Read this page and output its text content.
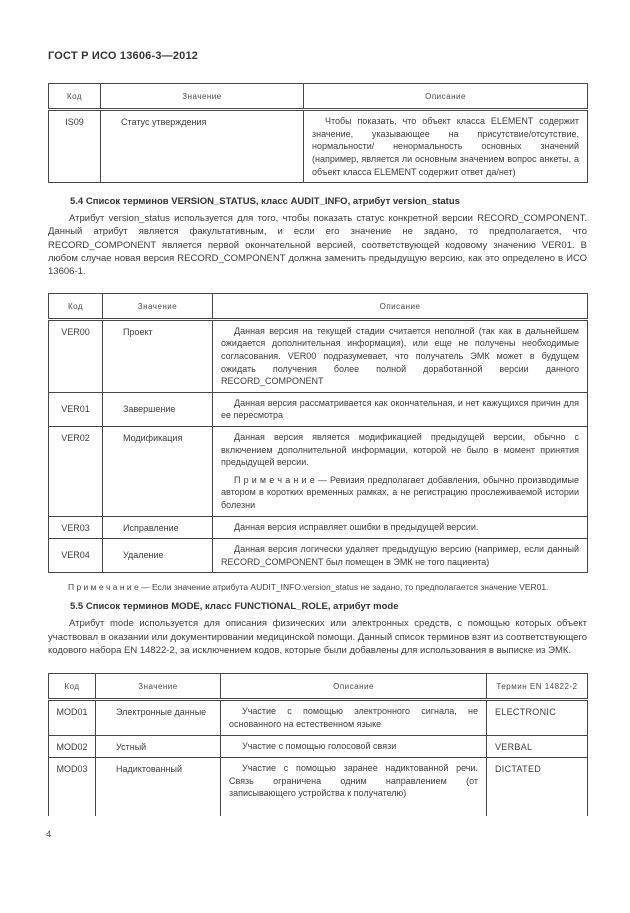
ГОСТ Р ИСО 13606-3—2012
Код	Значение	Описание
IS09	Статус утверждения	Чтобы показать, что объект класса ELEMENT содержит значение, указывающее на присутствие/отсутствие, нормальности/ ненормальность основных значений (например, является ли основным значением вопрос анкеты, а объект класса ELEMENT содержит ответ да/нет)
5.4 Список терминов VERSION_STATUS, класс AUDIT_INFO, атрибут version_status

Атрибут version_status используется для того, чтобы показать статус конкретной версии RECORD_COMPONENT. Данный атрибут является факультативным, и если его значение не задано, то предполагается, что RECORD_COMPONENT является первой окончательной версией, соответствующей кодовому значению VER01. В любом случае новая версия RECORD_COMPONENT должна заменить предыдущую версию, как это определено в ИСО 13606-1.

Код	Значение	Описание
VER00	Проект	Данная версия на текущей стадии считается неполной (так как в дальнейшем ожидается дополнительная информация), или еще не получены необходимые согласования. VER00 подразумевает, что получатель ЭМК может в будущем ожидать получения более полной доработанной версии данного RECORD_COMPONENT
VER01	Завершение	Данная версия рассматривается как окончательная, и нет кажущихся причин для ее пересмотра
VER02	Модификация	Данная версия является модификацией предыдущей версии, обычно с включением дополнительной информации, которой не было в момент принятия предыдущей версии.
П р и м е ч а н и е — Ревизия предполагает добавления, обычно производимые автором в коротких временных рамках, а не регистрацию прослеживаемой истории болезни

VER03	Исправление	Данная версия исправляет ошибки в предыдущей версии.
VER04	Удаление	Данная версия логически удаляет предыдущую версию (например, если данный RECORD_COMPONENT был помещен в ЭМК не того пациента)

П р и м е ч а н и е — Если значение атрибута AUDIT_INFO.version_status не задано, то предполагается значение VER01.

5.5 Список терминов MODE, класс FUNCTIONAL_ROLE, атрибут mode

Атрибут mode используется для описания физических или электронных средств, с помощью которых объект участвовал в оказании или документировании медицинской помощи. Данный список терминов взят из соответствующего кодового набора EN 14822-2, за исключением кодов, которые были добавлены для использования в выписке из ЭМК.

Код	Значение	Описание	Термин EN 14822-2
MOD01	Электронные данные	Участие с помощью электронного сигнала, не основанного на естественном языке	ELECTRONIC
MOD02	Устный	Участие с помощью голосовой связи	VERBAL
MOD03	Надиктованный	Участие с помощью заранее надиктованной речи. Связь ограничена одним направлением (от записывающего устройства к получателю)	DICTATED
4
